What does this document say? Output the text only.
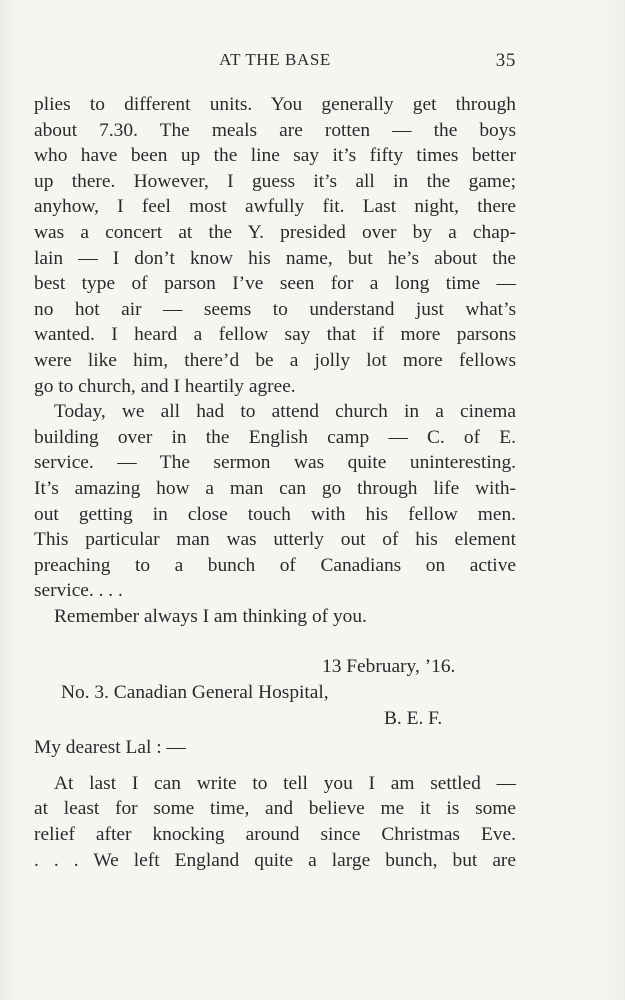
AT THE BASE	35
plies to different units. You generally get through
about 7.30. The meals are rotten — the boys
who have been up the line say it’s fifty times better
up there. However, I guess it’s all in the game;
anyhow, I feel most awfully fit. Last night, there
was a concert at the Y. presided over by a chap-
lain — I don’t know his name, but he’s about the
best type of parson I’ve seen for a long time —
no hot air — seems to understand just what’s
wanted. I heard a fellow say that if more parsons
were like him, there’d be a jolly lot more fellows
go to church, and I heartily agree.
Today, we all had to attend church in a cinema
building over in the English camp — C. of E.
service. — The sermon was quite uninteresting.
It’s amazing how a man can go through life with-
out getting in close touch with his fellow men.
This particular man was utterly out of his element
preaching to a bunch of Canadians on active
service. . . .
Remember always I am thinking of you.
13 February, ’16.
No. 3. Canadian General Hospital,
B. E. F.
My dearest Lal : —
At last I can write to tell you I am settled —
at least for some time, and believe me it is some
relief after knocking around since Christmas Eve.
. . . We left England quite a large bunch, but are
